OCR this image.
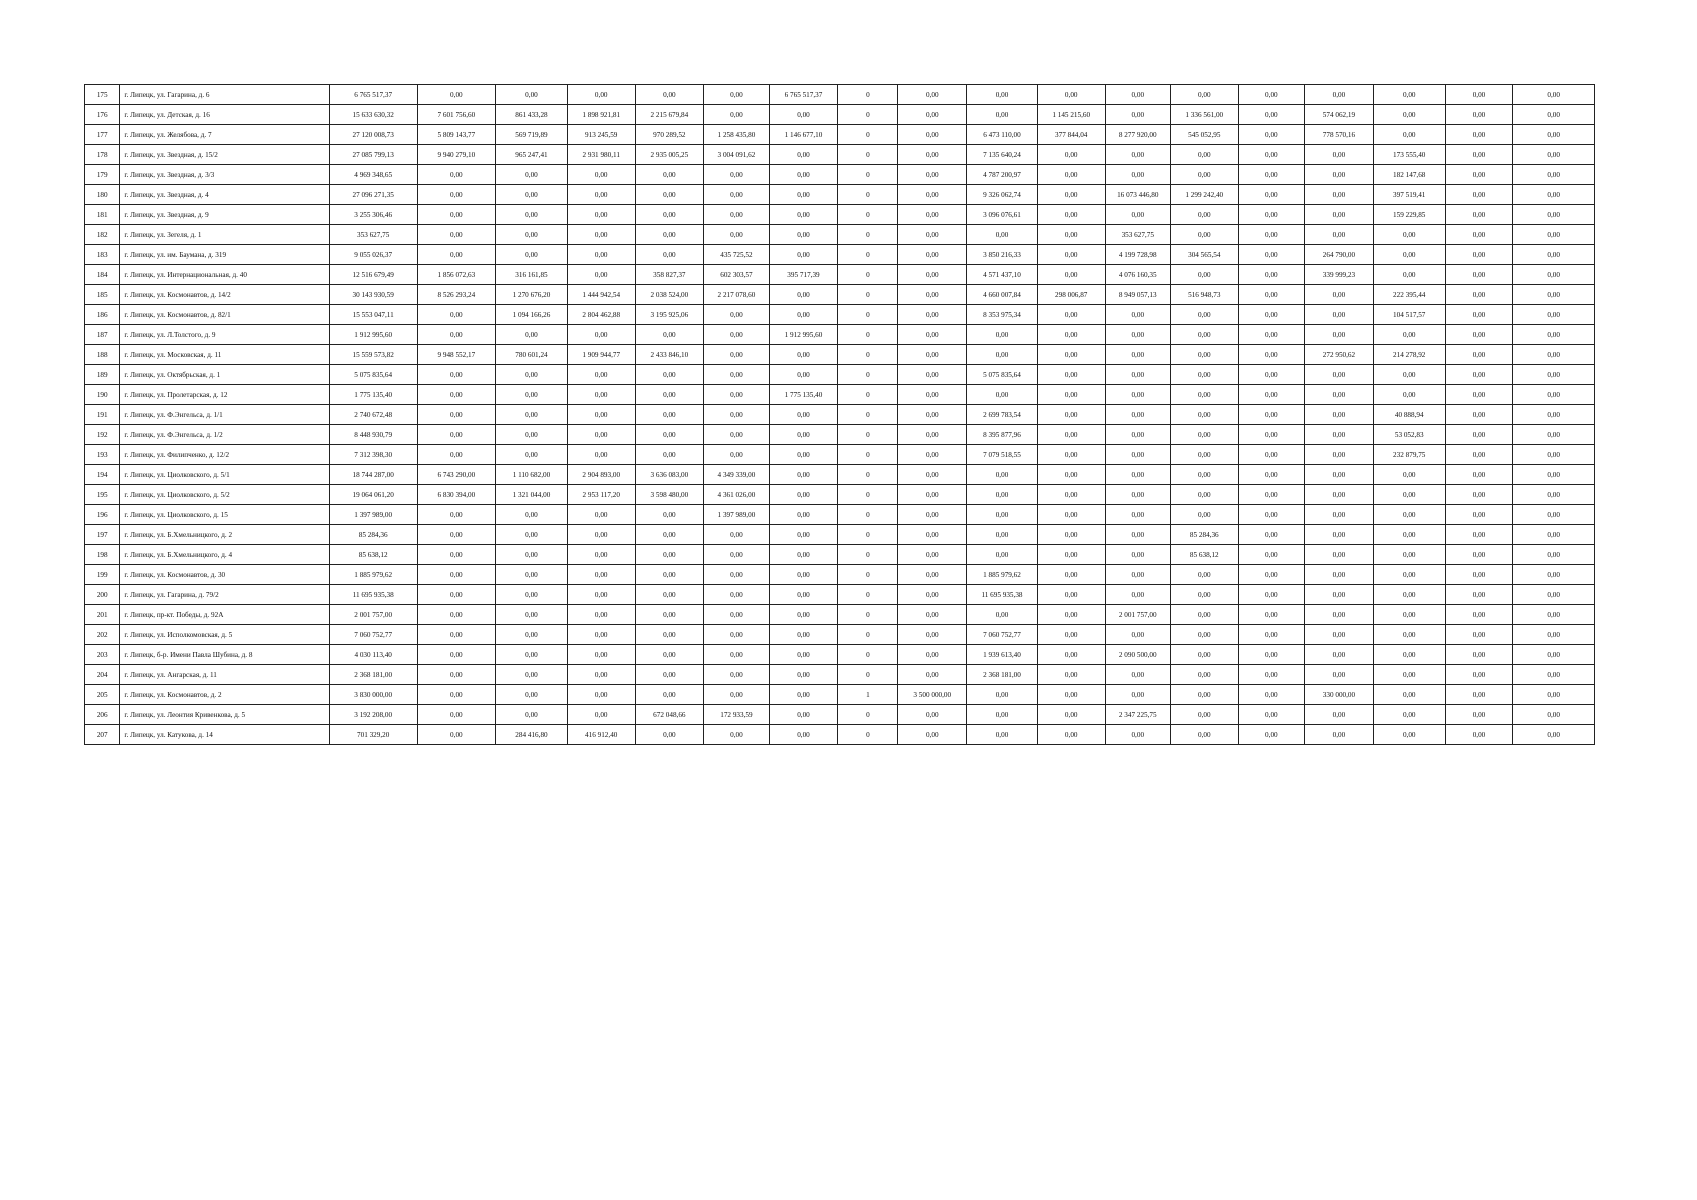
175	г. Липецк, ул. Гагарина, д. 6	6 765 517,37	0,00	0,00	0,00	0,00	0,00	6 765 517,37	0	0,00	0,00	0,00	0,00	0,00	0,00	0,00	0,00	0,00	0,00
176	г. Липецк, ул. Детская, д. 16	15 633 630,32	7 601 756,60	861 433,28	1 898 921,81	2 215 679,84	0,00	0,00	0	0,00	0,00	1 145 215,60	0,00	1 336 561,00	0,00	574 062,19	0,00	0,00	0,00
177	г. Липецк, ул. Желябова, д. 7	27 120 008,73	5 809 143,77	569 719,89	913 245,59	970 289,52	1 258 435,80	1 146 677,10	0	0,00	6 473 110,00	377 844,04	8 277 920,00	545 052,95	0,00	778 570,16	0,00	0,00	0,00
178	г. Липецк, ул. Звездная, д. 15/2	27 085 799,13	9 940 279,10	965 247,41	2 931 980,11	2 935 005,25	3 004 091,62	0,00	0	0,00	7 135 640,24	0,00	0,00	0,00	0,00	0,00	173 555,40	0,00	0,00
179	г. Липецк, ул. Звездная, д. 3/3	4 969 348,65	0,00	0,00	0,00	0,00	0,00	0,00	0	0,00	4 787 200,97	0,00	0,00	0,00	0,00	0,00	182 147,68	0,00	0,00
180	г. Липецк, ул. Звездная, д. 4	27 096 271,35	0,00	0,00	0,00	0,00	0,00	0,00	0	0,00	9 326 062,74	0,00	16 073 446,80	1 299 242,40	0,00	0,00	397 519,41	0,00	0,00
181	г. Липецк, ул. Звездная, д. 9	3 255 306,46	0,00	0,00	0,00	0,00	0,00	0,00	0	0,00	3 096 076,61	0,00	0,00	0,00	0,00	0,00	159 229,85	0,00	0,00
182	г. Липецк, ул. Зегеля, д. 1	353 627,75	0,00	0,00	0,00	0,00	0,00	0,00	0	0,00	0,00	0,00	353 627,75	0,00	0,00	0,00	0,00	0,00	0,00
183	г. Липецк, ул. им. Баумана, д. 319	9 055 026,37	0,00	0,00	0,00	0,00	435 725,52	0,00	0	0,00	3 850 216,33	0,00	4 199 728,98	304 565,54	0,00	264 790,00	0,00	0,00	0,00
184	г. Липецк, ул. Интернациональная, д. 40	12 516 679,49	1 856 072,63	316 161,85	0,00	358 827,37	602 303,57	395 717,39	0	0,00	4 571 437,10	0,00	4 076 160,35	0,00	0,00	339 999,23	0,00	0,00	0,00
185	г. Липецк, ул. Космонавтов, д. 14/2	30 143 930,59	8 526 293,24	1 270 676,20	1 444 942,54	2 038 524,00	2 217 078,60	0,00	0	0,00	4 660 007,84	298 006,87	8 949 057,13	516 948,73	0,00	0,00	222 395,44	0,00	0,00
186	г. Липецк, ул. Космонавтов, д. 82/1	15 553 047,11	0,00	1 094 166,26	2 804 462,88	3 195 925,06	0,00	0,00	0	0,00	8 353 975,34	0,00	0,00	0,00	0,00	0,00	104 517,57	0,00	0,00
187	г. Липецк, ул. Л.Толстого, д. 9	1 912 995,60	0,00	0,00	0,00	0,00	0,00	1 912 995,60	0	0,00	0,00	0,00	0,00	0,00	0,00	0,00	0,00	0,00	0,00
188	г. Липецк, ул. Московская, д. 11	15 559 573,82	9 948 552,17	780 601,24	1 909 944,77	2 433 846,10	0,00	0,00	0	0,00	0,00	0,00	0,00	0,00	0,00	272 950,62	214 278,92	0,00	0,00
189	г. Липецк, ул. Октябрьская, д. 1	5 075 835,64	0,00	0,00	0,00	0,00	0,00	0,00	0	0,00	5 075 835,64	0,00	0,00	0,00	0,00	0,00	0,00	0,00	0,00
190	г. Липецк, ул. Пролетарская, д. 12	1 775 135,40	0,00	0,00	0,00	0,00	0,00	1 775 135,40	0	0,00	0,00	0,00	0,00	0,00	0,00	0,00	0,00	0,00	0,00
191	г. Липецк, ул. Ф.Энгельса, д. 1/1	2 740 672,48	0,00	0,00	0,00	0,00	0,00	0,00	0	0,00	2 699 783,54	0,00	0,00	0,00	0,00	0,00	40 888,94	0,00	0,00
192	г. Липецк, ул. Ф.Энгельса, д. 1/2	8 448 930,79	0,00	0,00	0,00	0,00	0,00	0,00	0	0,00	8 395 877,96	0,00	0,00	0,00	0,00	0,00	53 052,83	0,00	0,00
193	г. Липецк, ул. Филипченко, д. 12/2	7 312 398,30	0,00	0,00	0,00	0,00	0,00	0,00	0	0,00	7 079 518,55	0,00	0,00	0,00	0,00	0,00	232 879,75	0,00	0,00
194	г. Липецк, ул. Циолковского, д. 5/1	18 744 287,00	6 743 290,00	1 110 682,00	2 904 893,00	3 636 083,00	4 349 339,00	0,00	0	0,00	0,00	0,00	0,00	0,00	0,00	0,00	0,00	0,00	0,00
195	г. Липецк, ул. Циолковского, д. 5/2	19 064 061,20	6 830 394,00	1 321 044,00	2 953 117,20	3 598 480,00	4 361 026,00	0,00	0	0,00	0,00	0,00	0,00	0,00	0,00	0,00	0,00	0,00	0,00
196	г. Липецк, ул. Циолковского, д. 15	1 397 989,00	0,00	0,00	0,00	0,00	1 397 989,00	0,00	0	0,00	0,00	0,00	0,00	0,00	0,00	0,00	0,00	0,00	0,00
197	г. Липецк, ул. Б.Хмельницкого, д. 2	85 284,36	0,00	0,00	0,00	0,00	0,00	0,00	0	0,00	0,00	0,00	0,00	85 284,36	0,00	0,00	0,00	0,00	0,00
198	г. Липецк, ул. Б.Хмельницкого, д. 4	85 638,12	0,00	0,00	0,00	0,00	0,00	0,00	0	0,00	0,00	0,00	0,00	85 638,12	0,00	0,00	0,00	0,00	0,00
199	г. Липецк, ул. Космонавтов, д. 30	1 885 979,62	0,00	0,00	0,00	0,00	0,00	0,00	0	0,00	1 885 979,62	0,00	0,00	0,00	0,00	0,00	0,00	0,00	0,00
200	г. Липецк, ул. Гагарина, д. 79/2	11 695 935,38	0,00	0,00	0,00	0,00	0,00	0,00	0	0,00	11 695 935,38	0,00	0,00	0,00	0,00	0,00	0,00	0,00	0,00
201	г. Липецк, пр-кт. Победы, д. 92А	2 001 757,00	0,00	0,00	0,00	0,00	0,00	0,00	0	0,00	0,00	0,00	2 001 757,00	0,00	0,00	0,00	0,00	0,00	0,00
202	г. Липецк, ул. Исполкомовская, д. 5	7 060 752,77	0,00	0,00	0,00	0,00	0,00	0,00	0	0,00	7 060 752,77	0,00	0,00	0,00	0,00	0,00	0,00	0,00	0,00
203	г. Липецк, б-р. Имени Павла Шубина, д. 8	4 030 113,40	0,00	0,00	0,00	0,00	0,00	0,00	0	0,00	1 939 613,40	0,00	2 090 500,00	0,00	0,00	0,00	0,00	0,00	0,00
204	г. Липецк, ул. Ангарская, д. 11	2 368 181,00	0,00	0,00	0,00	0,00	0,00	0,00	0	0,00	2 368 181,00	0,00	0,00	0,00	0,00	0,00	0,00	0,00	0,00
205	г. Липецк, ул. Космонавтов, д. 2	3 830 000,00	0,00	0,00	0,00	0,00	0,00	0,00	1	3 500 000,00	0,00	0,00	0,00	0,00	0,00	330 000,00	0,00	0,00	0,00
206	г. Липецк, ул. Леонтия Кривенкова, д. 5	3 192 208,00	0,00	0,00	0,00	672 048,66	172 933,59	0,00	0	0,00	0,00	0,00	2 347 225,75	0,00	0,00	0,00	0,00	0,00	0,00
207	г. Липецк, ул. Катукова, д. 14	701 329,20	0,00	284 416,80	416 912,40	0,00	0,00	0,00	0	0,00	0,00	0,00	0,00	0,00	0,00	0,00	0,00	0,00	0,00
